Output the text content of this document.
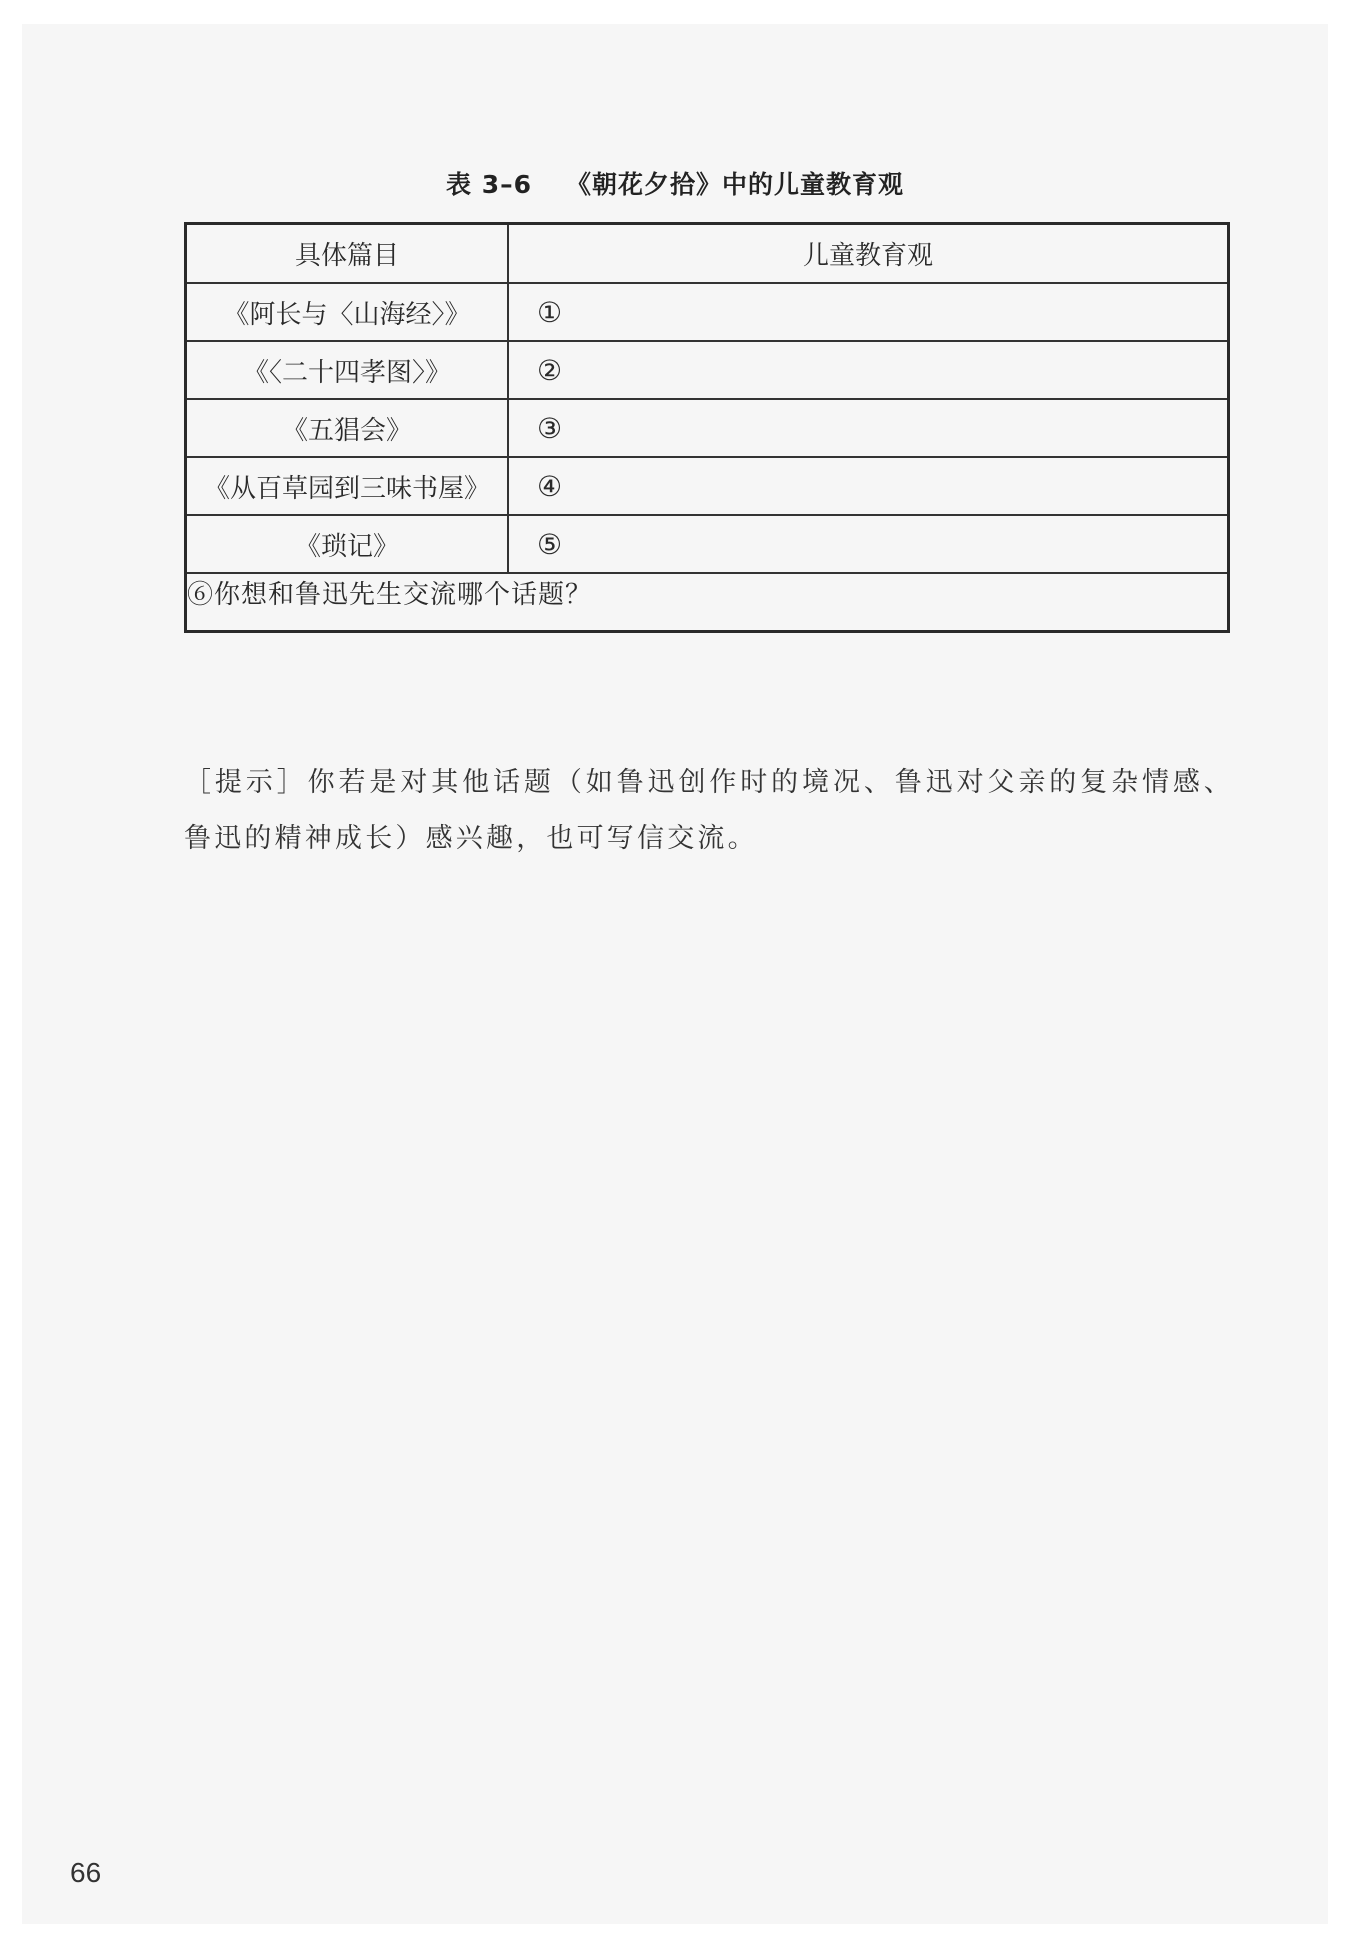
表 3–6 《朝花夕拾》中的儿童教育观
具体篇目	儿童教育观
《阿长与〈山海经〉》	①
《〈二十四孝图〉》	②
《五猖会》	③
《从百草园到三味书屋》	④
《琐记》	⑤
⑥你想和鲁迅先生交流哪个话题？	
［提示］你若是对其他话题（如鲁迅创作时的境况、鲁迅对父亲的复杂情感、鲁迅的精神成长）感兴趣，也可写信交流。
66
